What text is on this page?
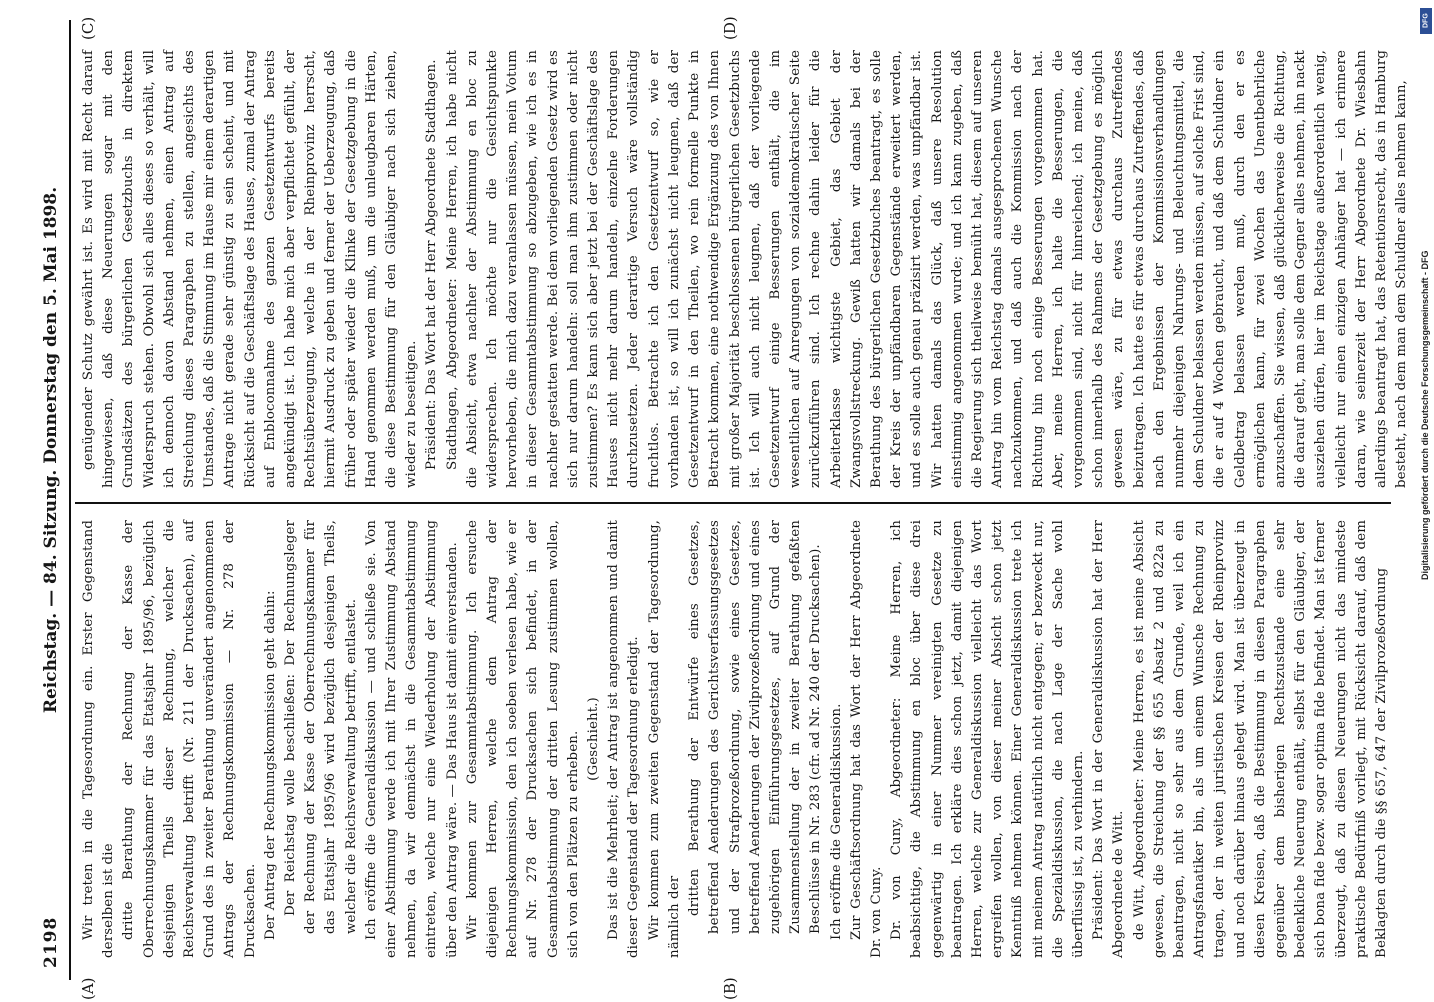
2198
Reichstag. — 84. Sitzung. Donnerstag den 5. Mai 1898.
(A)	(B)
(C)	(D)

Wir treten in die Tagesordnung ein. Erster Gegenstand derselben ist die dritte Berathung der Rechnung der Kasse der Oberrechnungskammer für das Etatsjahr 1895/96, bezüglich desjenigen Theils dieser Rechnung, welcher die Reichsverwaltung betrifft (Nr. 211 der Drucksachen), auf Grund des in zweiter Berathung unverändert angenommenen Antrags der Rechnungskommission — Nr. 278 der Drucksachen. Der Antrag der Rechnungskommission geht dahin: Der Reichstag wolle beschließen: Der Rechnungsleger der Rechnung der Kasse der Oberrechnungskammer für das Etatsjahr 1895/96 wird bezüglich desjenigen Theils, welcher die Reichsverwaltung betrifft, entlastet. Ich eröffne die Generaldiskussion — und schließe sie. Von einer Abstimmung werde ich mit Ihrer Zustimmung Abstand nehmen, da wir demnächst in die Gesammtabstimmung eintreten, welche nur eine Wiederholung der Abstimmung über den Antrag wäre. — Das Haus ist damit einverstanden. Wir kommen zur Gesammtabstimmung. Ich ersuche diejenigen Herren, welche dem Antrag der Rechnungskommission, den ich soeben verlesen habe, wie er auf Nr. 278 der Drucksachen sich befindet, in der Gesammtabstimmung der dritten Lesung zustimmen wollen, sich von den Plätzen zu erheben. (Geschieht.) Das ist die Mehrheit; der Antrag ist angenommen und damit dieser Gegenstand der Tagesordnung erledigt. Wir kommen zum zweiten Gegenstand der Tagesordnung, nämlich der

dritten Berathung der Entwürfe eines Gesetzes, betreffend Aenderungen des Gerichtsverfassungsgesetzes und der Strafprozeßordnung, sowie eines Gesetzes, betreffend Aenderungen der Zivilprozeßordnung und eines zugehörigen Einführungsgesetzes, auf Grund der Zusammenstellung der in zweiter Berathung gefaßten Beschlüsse in Nr. 283 (cfr. ad Nr. 240 der Drucksachen). Ich eröffne die Generaldiskussion. Zur Geschäftsordnung hat das Wort der Herr Abgeordnete Dr. von Cuny. Dr. von Cuny, Abgeordneter: Meine Herren, ich beabsichtige, die Abstimmung en bloc über diese drei gegenwärtig in einer Nummer vereinigten Gesetze zu beantragen. Ich erkläre dies schon jetzt, damit diejenigen Herren, welche zur Generaldiskussion vielleicht das Wort ergreifen wollen, von dieser meiner Absicht schon jetzt Kenntniß nehmen können. Einer Generaldiskussion trete ich mit meinem Antrag natürlich nicht entgegen; er bezweckt nur, die Spezialdiskussion, die nach Lage der Sache wohl überflüssig ist, zu verhindern. Präsident: Das Wort in der Generaldiskussion hat der Herr Abgeordnete de Witt. de Witt, Abgeordneter: Meine Herren, es ist meine Absicht gewesen, die Streichung der §§ 655 Absatz 2 und 822a zu beantragen, nicht so sehr aus dem Grunde, weil ich ein Antragsfanatiker bin, als um einem Wunsche Rechnung zu tragen, der in weiten juristischen Kreisen der Rheinprovinz und noch darüber hinaus gehegt wird. Man ist überzeugt in diesen Kreisen, daß die Bestimmung in diesen Paragraphen gegenüber dem bisherigen Rechtszustande eine sehr bedenkliche Neuerung enthält, selbst für den Gläubiger, der sich bona fide bezw. sogar optima fide befindet. Man ist ferner überzeugt, daß zu diesen Neuerungen nicht das mindeste praktische Bedürfniß vorliegt, mit Rücksicht darauf, daß dem Beklagten durch die §§ 657, 647 der Zivilprozeßordnung

genügender Schutz gewährt ist. Es wird mit Recht darauf hingewiesen, daß diese Neuerungen sogar mit den Grundsätzen des bürgerlichen Gesetzbuchs in direktem Widerspruch stehen. Obwohl sich alles dieses so verhält, will ich dennoch davon Abstand nehmen, einen Antrag auf Streichung dieses Paragraphen zu stellen, angesichts des Umstandes, daß die Stimmung im Hause mir einem derartigen Antrage nicht gerade sehr günstig zu sein scheint, und mit Rücksicht auf die Geschäftslage des Hauses, zumal der Antrag auf Enbloconnahme des ganzen Gesetzentwurfs bereits angekündigt ist. Ich habe mich aber verpflichtet gefühlt, der Rechtsüberzeugung, welche in der Rheinprovinz herrscht, hiermit Ausdruck zu geben und ferner der Ueberzeugung, daß früher oder später wieder die Klinke der Gesetzgebung in die Hand genommen werden muß, um die unleugbaren Härten, die diese Bestimmung für den Gläubiger nach sich ziehen, wieder zu beseitigen. Präsident: Das Wort hat der Herr Abgeordnete Stadthagen. Stadthagen, Abgeordneter: Meine Herren, ich habe nicht die Absicht, etwa nachher der Abstimmung en bloc zu widersprechen. Ich möchte nur die Gesichtspunkte hervorheben, die mich dazu veranlassen müssen, mein Votum in dieser Gesammtabstimmung so abzugeben, wie ich es in nachher gestatten werde. Bei dem vorliegenden Gesetz wird es sich nur darum handeln: soll man ihm zustimmen oder nicht zustimmen? Es kann sich aber jetzt bei der Geschäftslage des Hauses nicht mehr darum handeln, einzelne Forderungen durchzusetzen. Jeder derartige Versuch wäre vollständig fruchtlos. Betrachte ich den Gesetzentwurf so, wie er vorhanden ist, so will ich zunächst nicht leugnen, daß der Gesetzentwurf in den Theilen, wo rein formelle Punkte in Betracht kommen, eine nothwendige Ergänzung des von Ihnen mit großer Majorität beschlossenen bürgerlichen Gesetzbuchs ist. Ich will auch nicht leugnen, daß der vorliegende Gesetzentwurf einige Besserungen enthält, die im wesentlichen auf Anregungen von sozialdemokratischer Seite zurückzuführen sind. Ich rechne dahin leider für die Arbeiterklasse wichtigste Gebiet, das Gebiet der Zwangsvollstreckung. Gewiß hatten wir damals bei der Berathung des bürgerlichen Gesetzbuches beantragt, es solle der Kreis der unpfändbaren Gegenstände erweitert werden, und es solle auch genau präzisirt werden, was unpfändbar ist. Wir hatten damals das Glück, daß unsere Resolution einstimmig angenommen wurde; und ich kann zugeben, daß die Regierung sich theilweise bemüht hat, diesem auf unseren Antrag hin vom Reichstag damals ausgesprochenen Wunsche nachzukommen, und daß auch die Kommission nach der Richtung hin noch einige Besserungen vorgenommen hat. Aber, meine Herren, ich halte die Besserungen, die vorgenommen sind, nicht für hinreichend; ich meine, daß schon innerhalb des Rahmens der Gesetzgebung es möglich gewesen wäre, zu für etwas durchaus Zutreffendes beizutragen. Ich hatte es für etwas durchaus Zutreffendes, daß nach den Ergebnissen der Kommissionsverhandlungen nunmehr diejenigen Nahrungs- und Beleuchtungsmittel, die dem Schuldner belassen werden müssen, auf solche Frist sind, die er auf 4 Wochen gebraucht, und daß dem Schuldner ein Geldbetrag belassen werden muß, durch den er es ermöglichen kann, für zwei Wochen das Unentbehrliche anzuschaffen. Sie wissen, daß glücklicherweise die Richtung, die darauf geht, man solle dem Gegner alles nehmen, ihn nackt ausziehen dürfen, hier im Reichstage außerordentlich wenig, vielleicht nur einen einzigen Anhänger hat — ich erinnere daran, wie seinerzeit der Herr Abgeordnete Dr. Wiesbahn allerdings beantragt hat, das Retentionsrecht, das in Hamburg besteht, nach dem man dem Schuldner alles nehmen kann,

DFG
Digitalisierung gefördert durch die Deutsche Forschungsgemeinschaft - DFG
